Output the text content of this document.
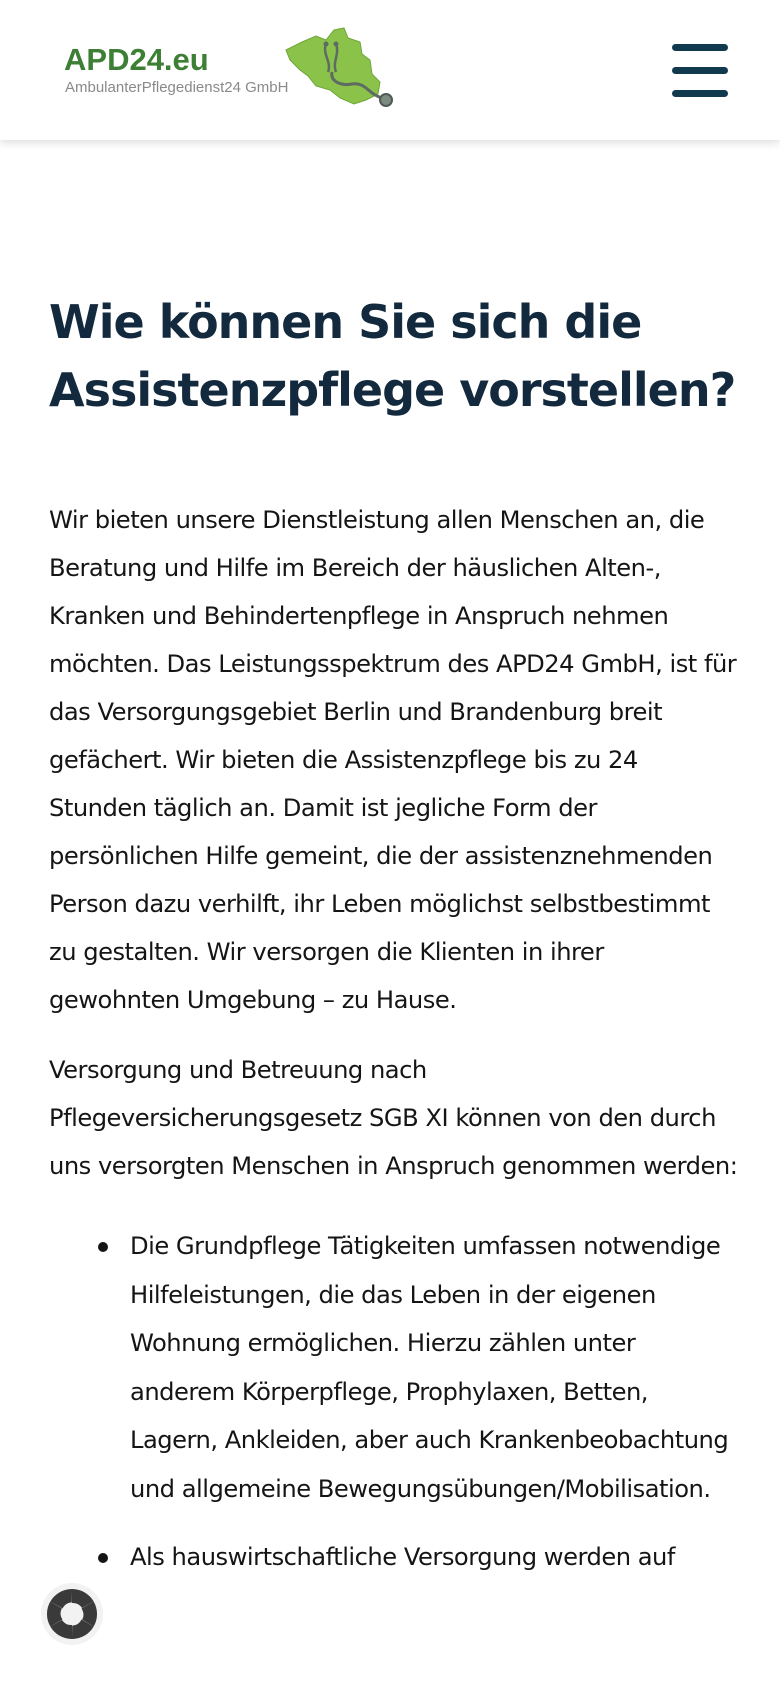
APD24.eu
AmbulanterPflegedienst24 GmbH
Wie können Sie sich die Assistenzpflege vorstellen?

Wir bieten unsere Dienstleistung allen Menschen an, die Beratung und Hilfe im Bereich der häuslichen Alten-, Kranken und Behindertenpflege in Anspruch nehmen möchten. Das Leistungsspektrum des APD24 GmbH, ist für das Versorgungsgebiet Berlin und Brandenburg breit gefächert. Wir bieten die Assistenzpflege bis zu 24 Stunden täglich an. Damit ist jegliche Form der persönlichen Hilfe gemeint, die der assistenznehmenden Person dazu verhilft, ihr Leben möglichst selbstbestimmt zu gestalten. Wir versorgen die Klienten in ihrer gewohnten Umgebung – zu Hause.

Versorgung und Betreuung nach Pflegeversicherungsgesetz SGB XI können von den durch uns versorgten Menschen in Anspruch genommen werden:

Die Grundpflege Tätigkeiten umfassen notwendige Hilfeleistungen, die das Leben in der eigenen Wohnung ermöglichen. Hierzu zählen unter anderem Körperpflege, Prophylaxen, Betten, Lagern, Ankleiden, aber auch Krankenbeobachtung und allgemeine Bewegungsübungen/Mobilisation.
Als hauswirtschaftliche Versorgung werden auf
